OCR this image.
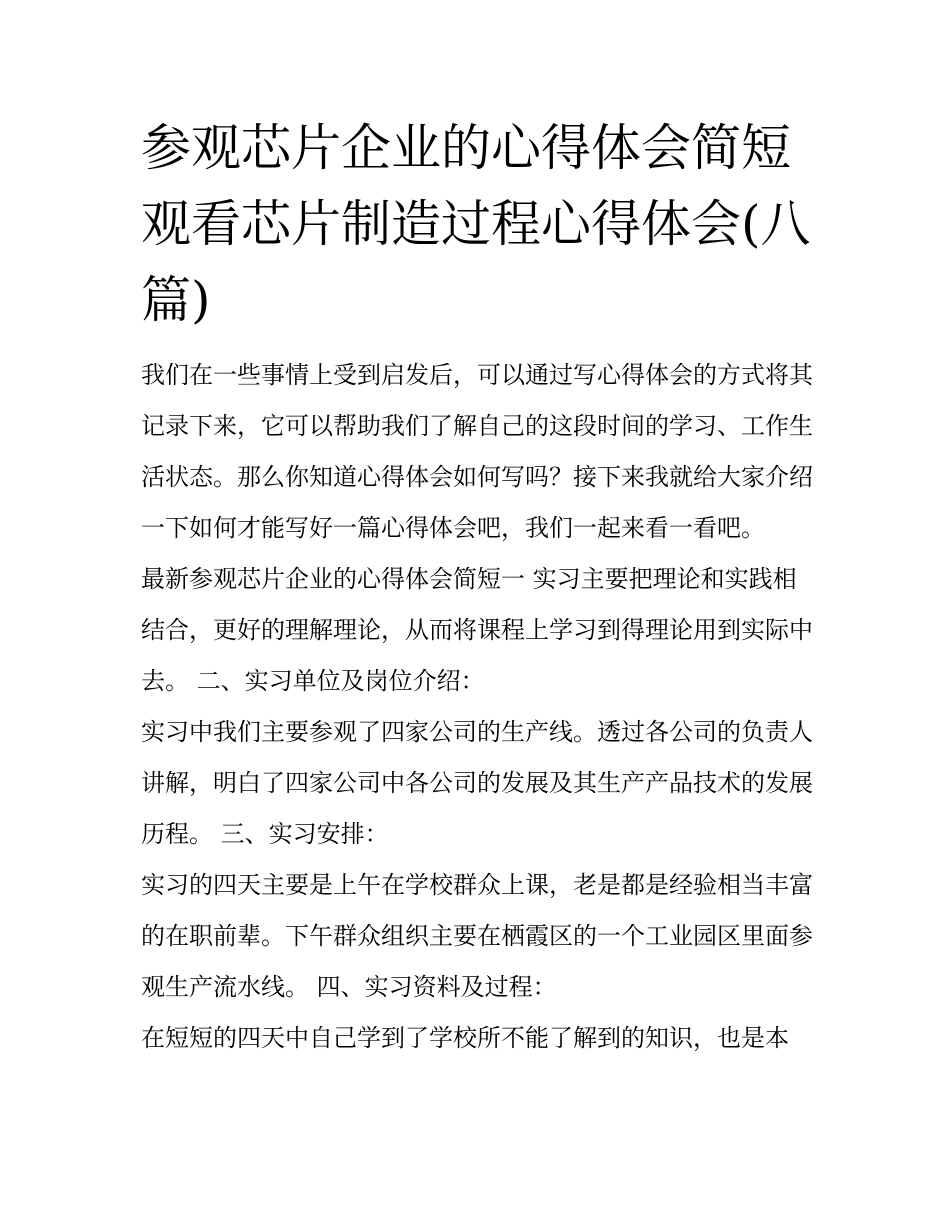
参观芯片企业的心得体会简短 观看芯片制造过程心得体会(八篇)

我们在一些事情上受到启发后，可以通过写心得体会的方式将其记录下来，它可以帮助我们了解自己的这段时间的学习、工作生活状态。那么你知道心得体会如何写吗？接下来我就给大家介绍一下如何才能写好一篇心得体会吧，我们一起来看一看吧。

最新参观芯片企业的心得体会简短一 实习主要把理论和实践相结合，更好的理解理论，从而将课程上学习到得理论用到实际中去。 二、实习单位及岗位介绍：

实习中我们主要参观了四家公司的生产线。透过各公司的负责人讲解，明白了四家公司中各公司的发展及其生产产品技术的发展历程。 三、实习安排：

实习的四天主要是上午在学校群众上课，老是都是经验相当丰富的在职前辈。下午群众组织主要在栖霞区的一个工业园区里面参观生产流水线。 四、实习资料及过程：

在短短的四天中自己学到了学校所不能了解到的知识，也是本
